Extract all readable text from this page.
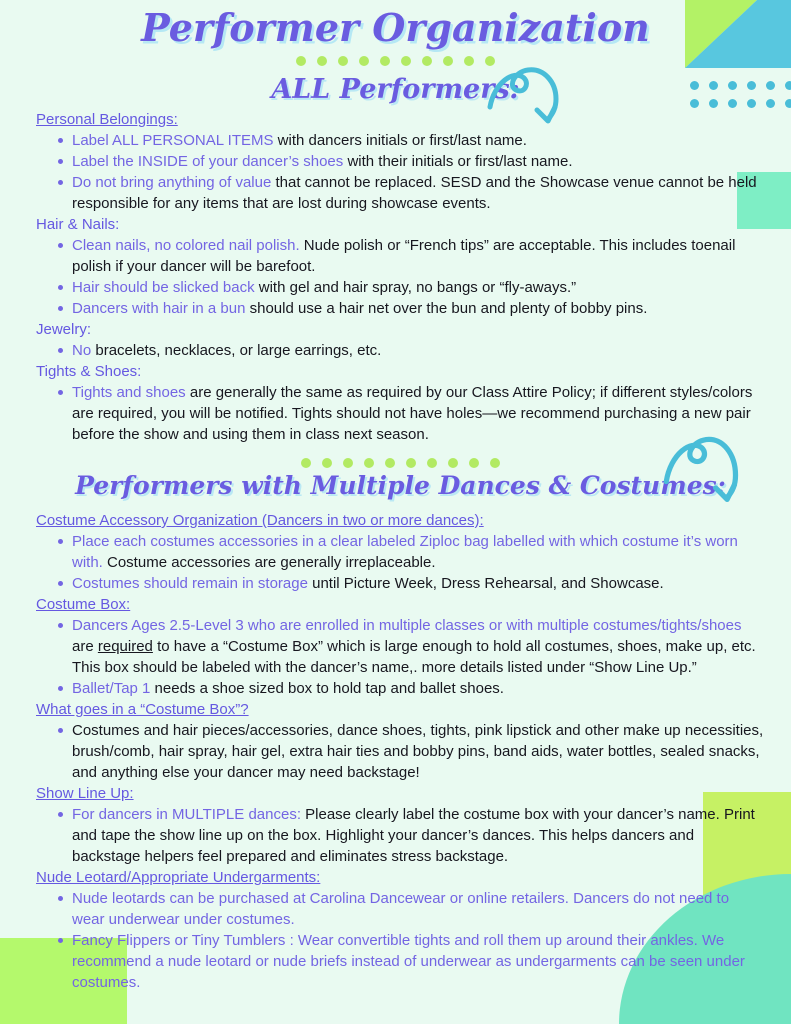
Performer Organization
ALL Performers:
Personal Belongings:
Label ALL PERSONAL ITEMS with dancers initials or first/last name.
Label the INSIDE of your dancer’s shoes with their initials or first/last name.
Do not bring anything of value that cannot be replaced. SESD and the Showcase venue cannot be held responsible for any items that are lost during showcase events.
Hair & Nails:
Clean nails, no colored nail polish. Nude polish or “French tips” are acceptable. This includes toenail polish if your dancer will be barefoot.
Hair should be slicked back with gel and hair spray, no bangs or “fly-aways.”
Dancers with hair in a bun should use a hair net over the bun and plenty of bobby pins.
Jewelry:
No bracelets, necklaces, or large earrings, etc.
Tights & Shoes:
Tights and shoes are generally the same as required by our Class Attire Policy; if different styles/colors are required, you will be notified. Tights should not have holes—we recommend purchasing a new pair before the show and using them in class next season.
Performers with Multiple Dances & Costumes:
Costume Accessory Organization (Dancers in two or more dances):
Place each costumes accessories in a clear labeled Ziploc bag labelled with which costume it’s worn with. Costume accessories are generally irreplaceable.
Costumes should remain in storage until Picture Week, Dress Rehearsal, and Showcase.
Costume Box:
Dancers Ages 2.5-Level 3 who are enrolled in multiple classes or with multiple costumes/tights/shoes are required to have a “Costume Box” which is large enough to hold all costumes, shoes, make up, etc. This box should be labeled with the dancer’s name,. more details listed under “Show Line Up.”
Ballet/Tap 1 needs a shoe sized box to hold tap and ballet shoes.
What goes in a “Costume Box”?
Costumes and hair pieces/accessories, dance shoes, tights, pink lipstick and other make up necessities, brush/comb, hair spray, hair gel, extra hair ties and bobby pins, band aids, water bottles, sealed snacks, and anything else your dancer may need backstage!
Show Line Up:
For dancers in MULTIPLE dances: Please clearly label the costume box with your dancer’s name. Print and tape the show line up on the box. Highlight your dancer’s dances. This helps dancers and backstage helpers feel prepared and eliminates stress backstage.
Nude Leotard/Appropriate Undergarments:
Nude leotards can be purchased at Carolina Dancewear or online retailers. Dancers do not need to wear underwear under costumes.
Fancy Flippers or Tiny Tumblers : Wear convertible tights and roll them up around their ankles. We recommend a nude leotard or nude briefs instead of underwear as undergarments can be seen under costumes.
